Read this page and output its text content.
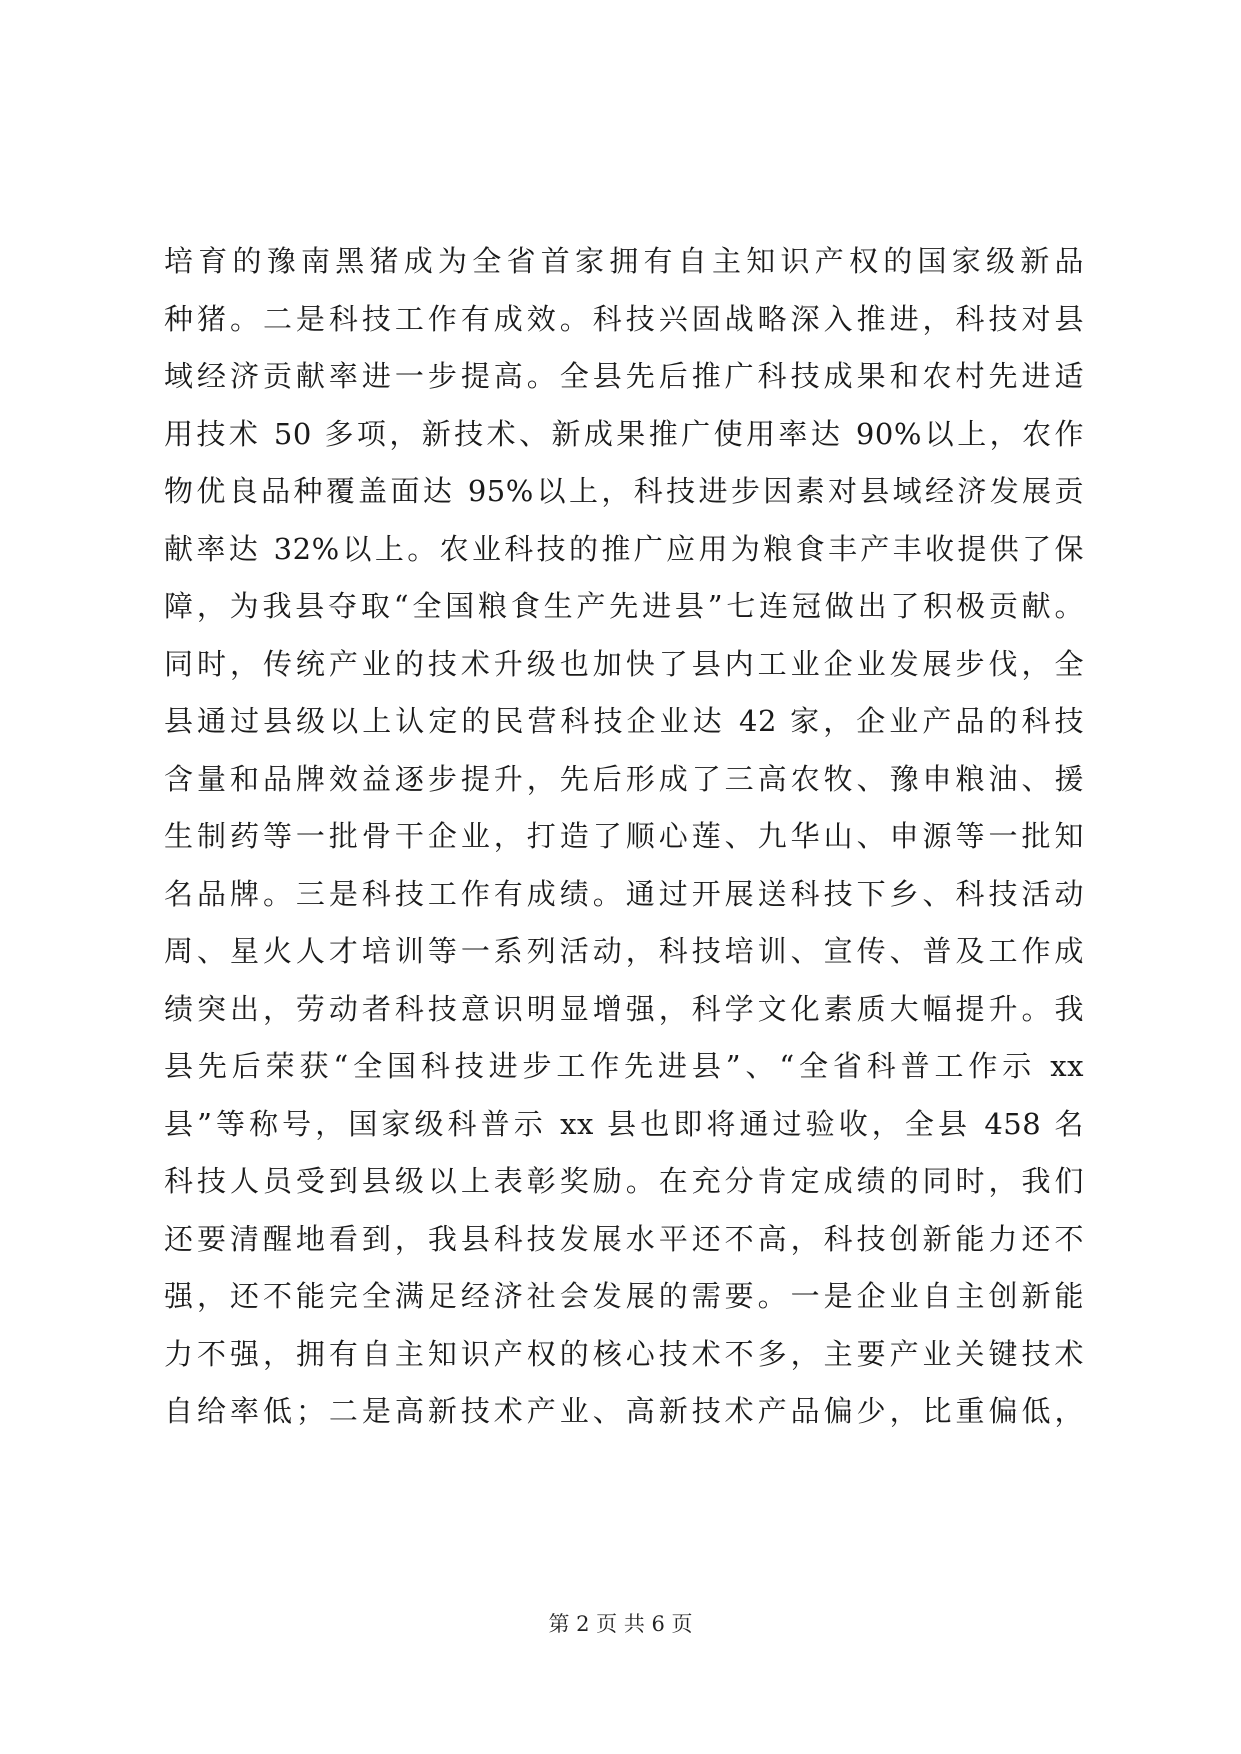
培育的豫南黑猪成为全省首家拥有自主知识产权的国家级新品
种猪。二是科技工作有成效。科技兴固战略深入推进，科技对县
域经济贡献率进一步提高。全县先后推广科技成果和农村先进适
用技术 50 多项，新技术、新成果推广使用率达 90%以上，农作
物优良品种覆盖面达 95%以上，科技进步因素对县域经济发展贡
献率达 32%以上。农业科技的推广应用为粮食丰产丰收提供了保
障，为我县夺取“全国粮食生产先进县”七连冠做出了积极贡献。
同时，传统产业的技术升级也加快了县内工业企业发展步伐，全
县通过县级以上认定的民营科技企业达 42 家，企业产品的科技
含量和品牌效益逐步提升，先后形成了三高农牧、豫申粮油、援
生制药等一批骨干企业，打造了顺心莲、九华山、申源等一批知
名品牌。三是科技工作有成绩。通过开展送科技下乡、科技活动
周、星火人才培训等一系列活动，科技培训、宣传、普及工作成
绩突出，劳动者科技意识明显增强，科学文化素质大幅提升。我
县先后荣获“全国科技进步工作先进县”、“全省科普工作示 xx
县”等称号，国家级科普示 xx 县也即将通过验收，全县 458 名
科技人员受到县级以上表彰奖励。在充分肯定成绩的同时，我们
还要清醒地看到，我县科技发展水平还不高，科技创新能力还不
强，还不能完全满足经济社会发展的需要。一是企业自主创新能
力不强，拥有自主知识产权的核心技术不多，主要产业关键技术
自给率低；二是高新技术产业、高新技术产品偏少，比重偏低，
第 2 页 共 6 页
